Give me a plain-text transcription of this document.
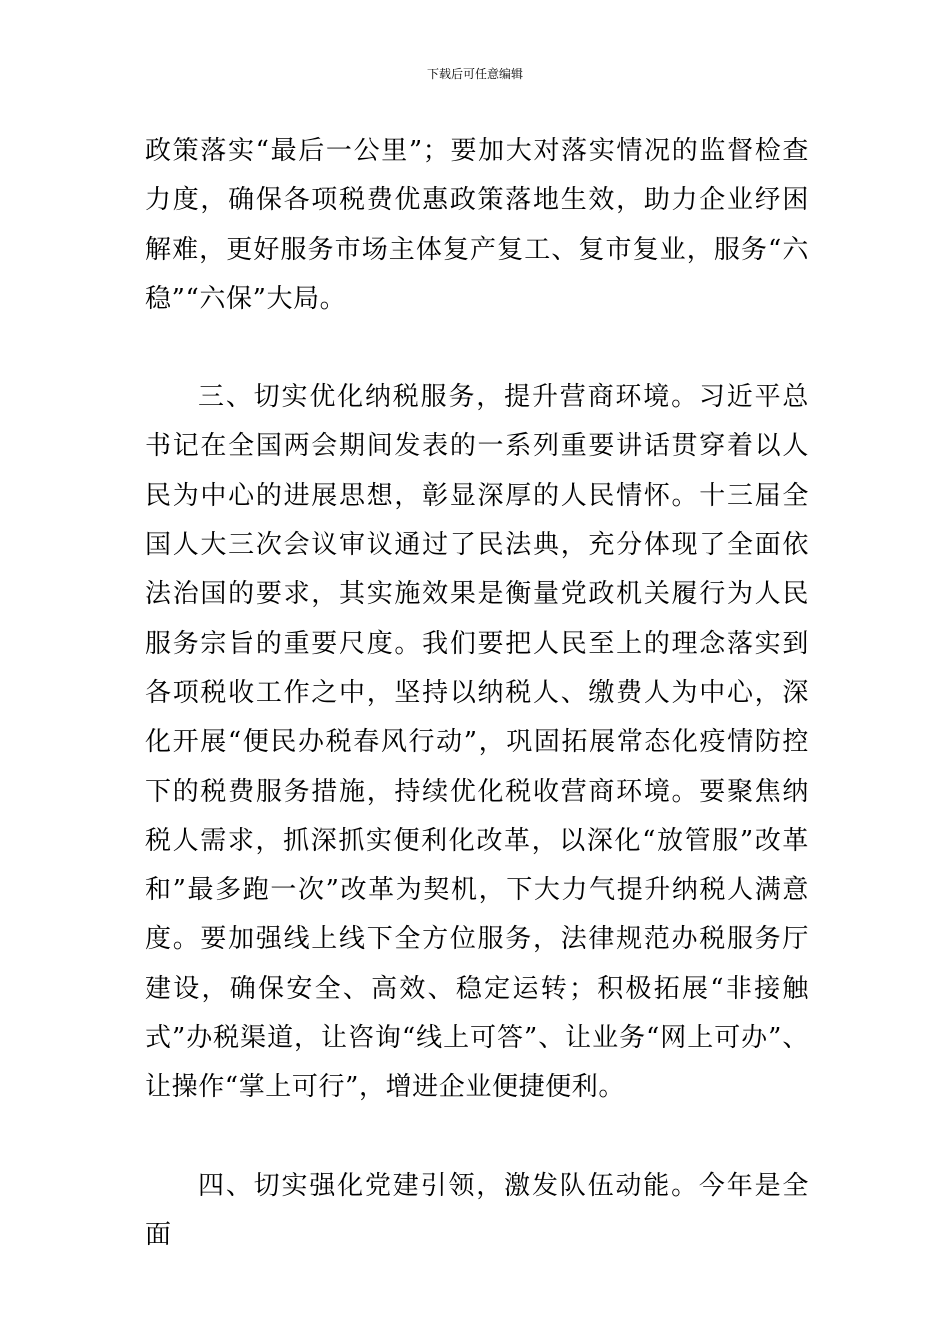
下载后可任意编辑

政策落实“最后一公里”；要加大对落实情况的监督检查力度，确保各项税费优惠政策落地生效，助力企业纾困解难，更好服务市场主体复产复工、复市复业，服务“六稳”“六保”大局。

三、切实优化纳税服务，提升营商环境。习近平总书记在全国两会期间发表的一系列重要讲话贯穿着以人民为中心的进展思想，彰显深厚的人民情怀。十三届全国人大三次会议审议通过了民法典，充分体现了全面依法治国的要求，其实施效果是衡量党政机关履行为人民服务宗旨的重要尺度。我们要把人民至上的理念落实到各项税收工作之中，坚持以纳税人、缴费人为中心，深化开展“便民办税春风行动”，巩固拓展常态化疫情防控下的税费服务措施，持续优化税收营商环境。要聚焦纳税人需求，抓深抓实便利化改革，以深化“放管服”改革和”最多跑一次”改革为契机，下大力气提升纳税人满意度。要加强线上线下全方位服务，法律规范办税服务厅建设，确保安全、高效、稳定运转；积极拓展“非接触式”办税渠道，让咨询“线上可答”、让业务“网上可办”、让操作“掌上可行”，增进企业便捷便利。

四、切实强化党建引领，激发队伍动能。今年是全面
